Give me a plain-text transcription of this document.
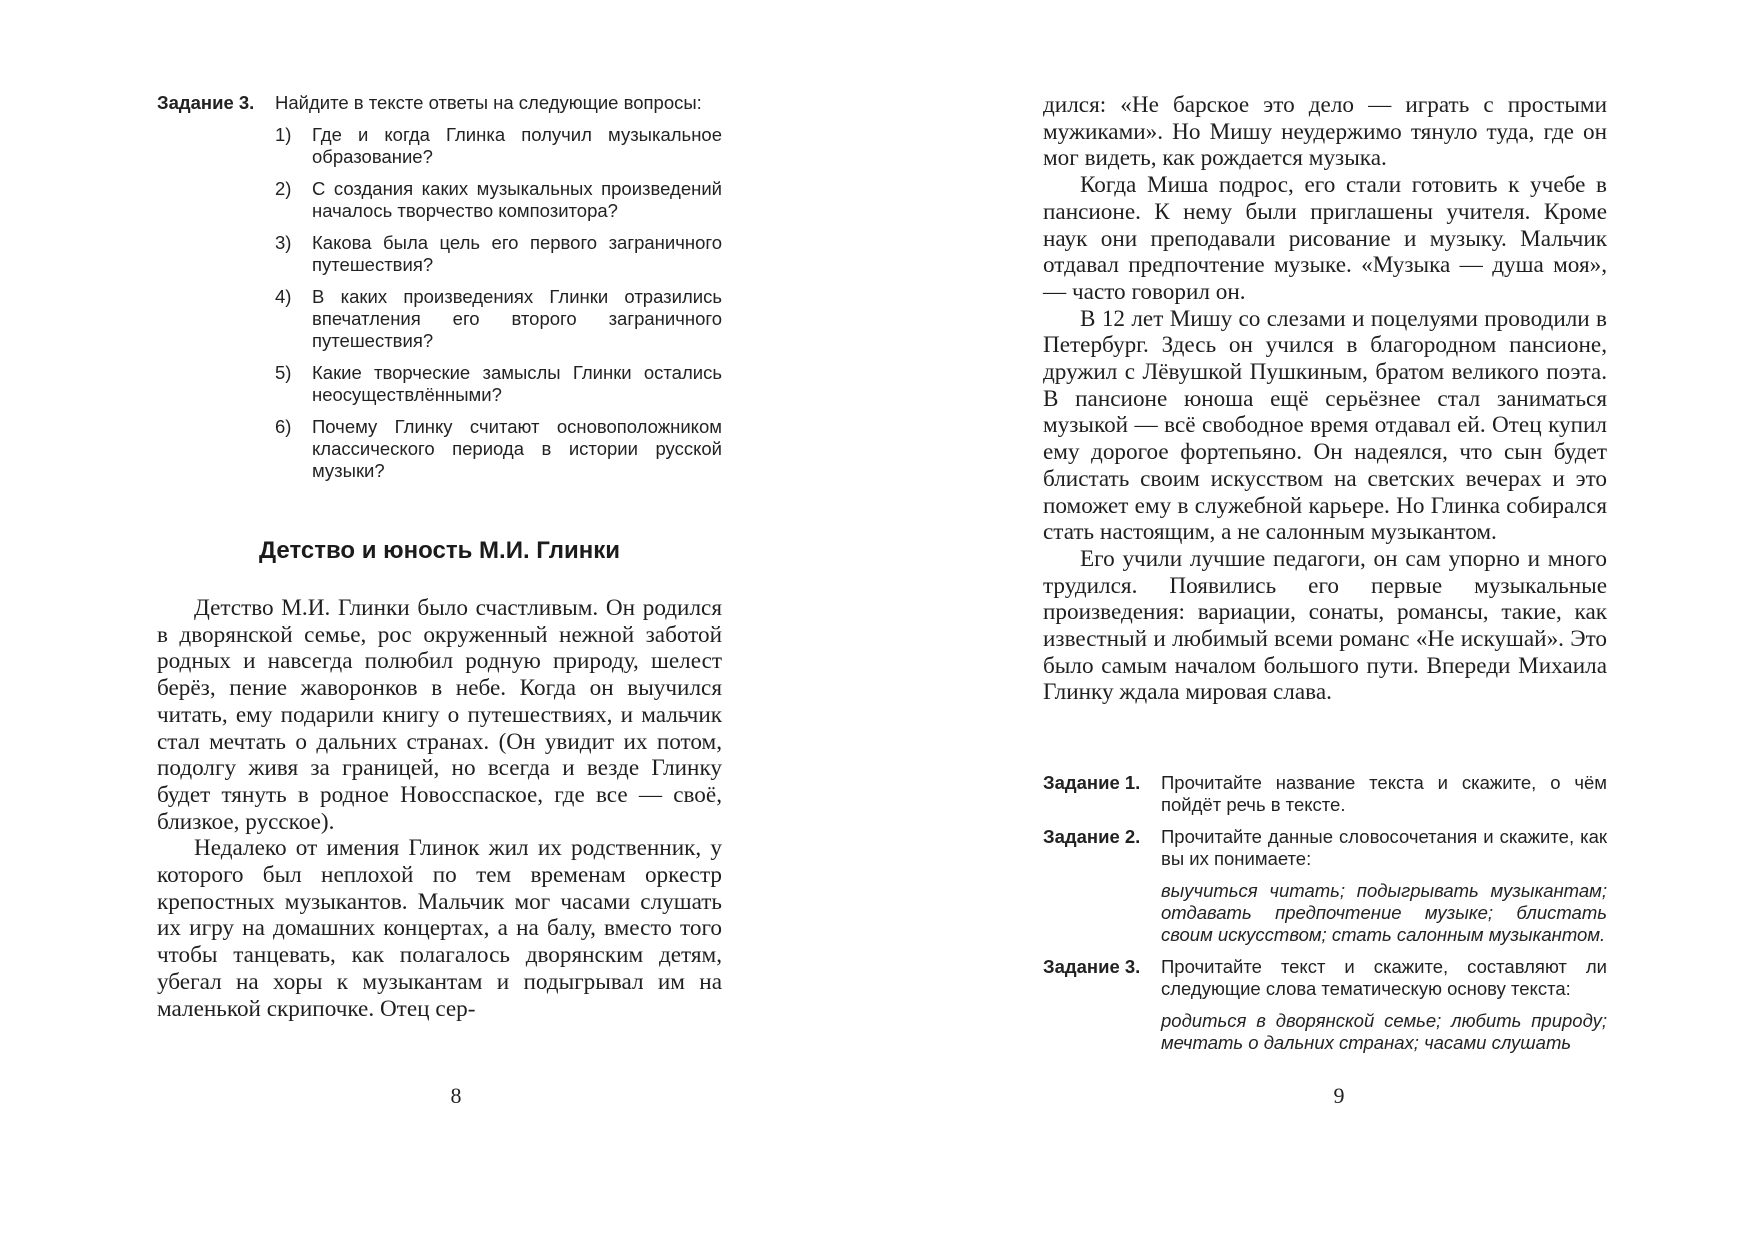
Задание 3.	Найдите в тексте ответы на следующие вопросы:
1)	Где и когда Глинка получил музыкальное образование?
2)	С создания каких музыкальных произведений началось творчество композитора?
3)	Какова была цель его первого заграничного путешествия?
4)	В каких произведениях Глинки отразились впечатления его второго заграничного путешествия?
5)	Какие творческие замыслы Глинки остались неосуществлёнными?
6)	Почему Глинку считают основоположником классического периода в истории русской музыки?
Детство и юность М.И. Глинки

Детство М.И. Глинки было счастливым. Он родился в дворянской семье, рос окруженный нежной заботой родных и навсегда полюбил родную природу, шелест берёз, пение жаворонков в небе. Когда он выучился читать, ему подарили книгу о путешествиях, и мальчик стал мечтать о дальних странах. (Он увидит их потом, подолгу живя за границей, но всегда и везде Глинку будет тянуть в родное Новосспаское, где все — своё, близкое, русское).

Недалеко от имения Глинок жил их родственник, у которого был неплохой по тем временам оркестр крепостных музыкантов. Мальчик мог часами слушать их игру на домашних концертах, а на балу, вместо того чтобы танцевать, как полагалось дворянским детям, убегал на хоры к музыкантам и подыгрывал им на маленькой скрипочке. Отец сер-

8

дился: «Не барское это дело — играть с простыми мужиками». Но Мишу неудержимо тянуло туда, где он мог видеть, как рождается музыка.

Когда Миша подрос, его стали готовить к учебе в пансионе. К нему были приглашены учителя. Кроме наук они преподавали рисование и музыку. Мальчик отдавал предпочтение музыке. «Музыка — душа моя», — часто говорил он.

В 12 лет Мишу со слезами и поцелуями проводили в Петербург. Здесь он учился в благородном пансионе, дружил с Лёвушкой Пушкиным, братом великого поэта. В пансионе юноша ещё серьёзнее стал заниматься музыкой — всё свободное время отдавал ей. Отец купил ему дорогое фортепьяно. Он надеялся, что сын будет блистать своим искусством на светских вечерах и это поможет ему в служебной карьере. Но Глинка собирался стать настоящим, а не салонным музыкантом.

Его учили лучшие педагоги, он сам упорно и много трудился. Появились его первые музыкальные произведения: вариации, сонаты, романсы, такие, как известный и любимый всеми романс «Не искушай». Это было самым началом большого пути. Впереди Михаила Глинку ждала мировая слава.

Задание 1.	Прочитайте название текста и скажите, о чём пойдёт речь в тексте.
Задание 2.	Прочитайте данные словосочетания и скажите, как вы их понимаете:
выучиться читать; подыгрывать музыкантам; отдавать предпочтение музыке; блистать своим искусством; стать салонным музыкантом.
Задание 3.	Прочитайте текст и скажите, составляют ли следующие слова тематическую основу текста:
родиться в дворянской семье; любить природу; мечтать о дальних странах; часами слушать
9
